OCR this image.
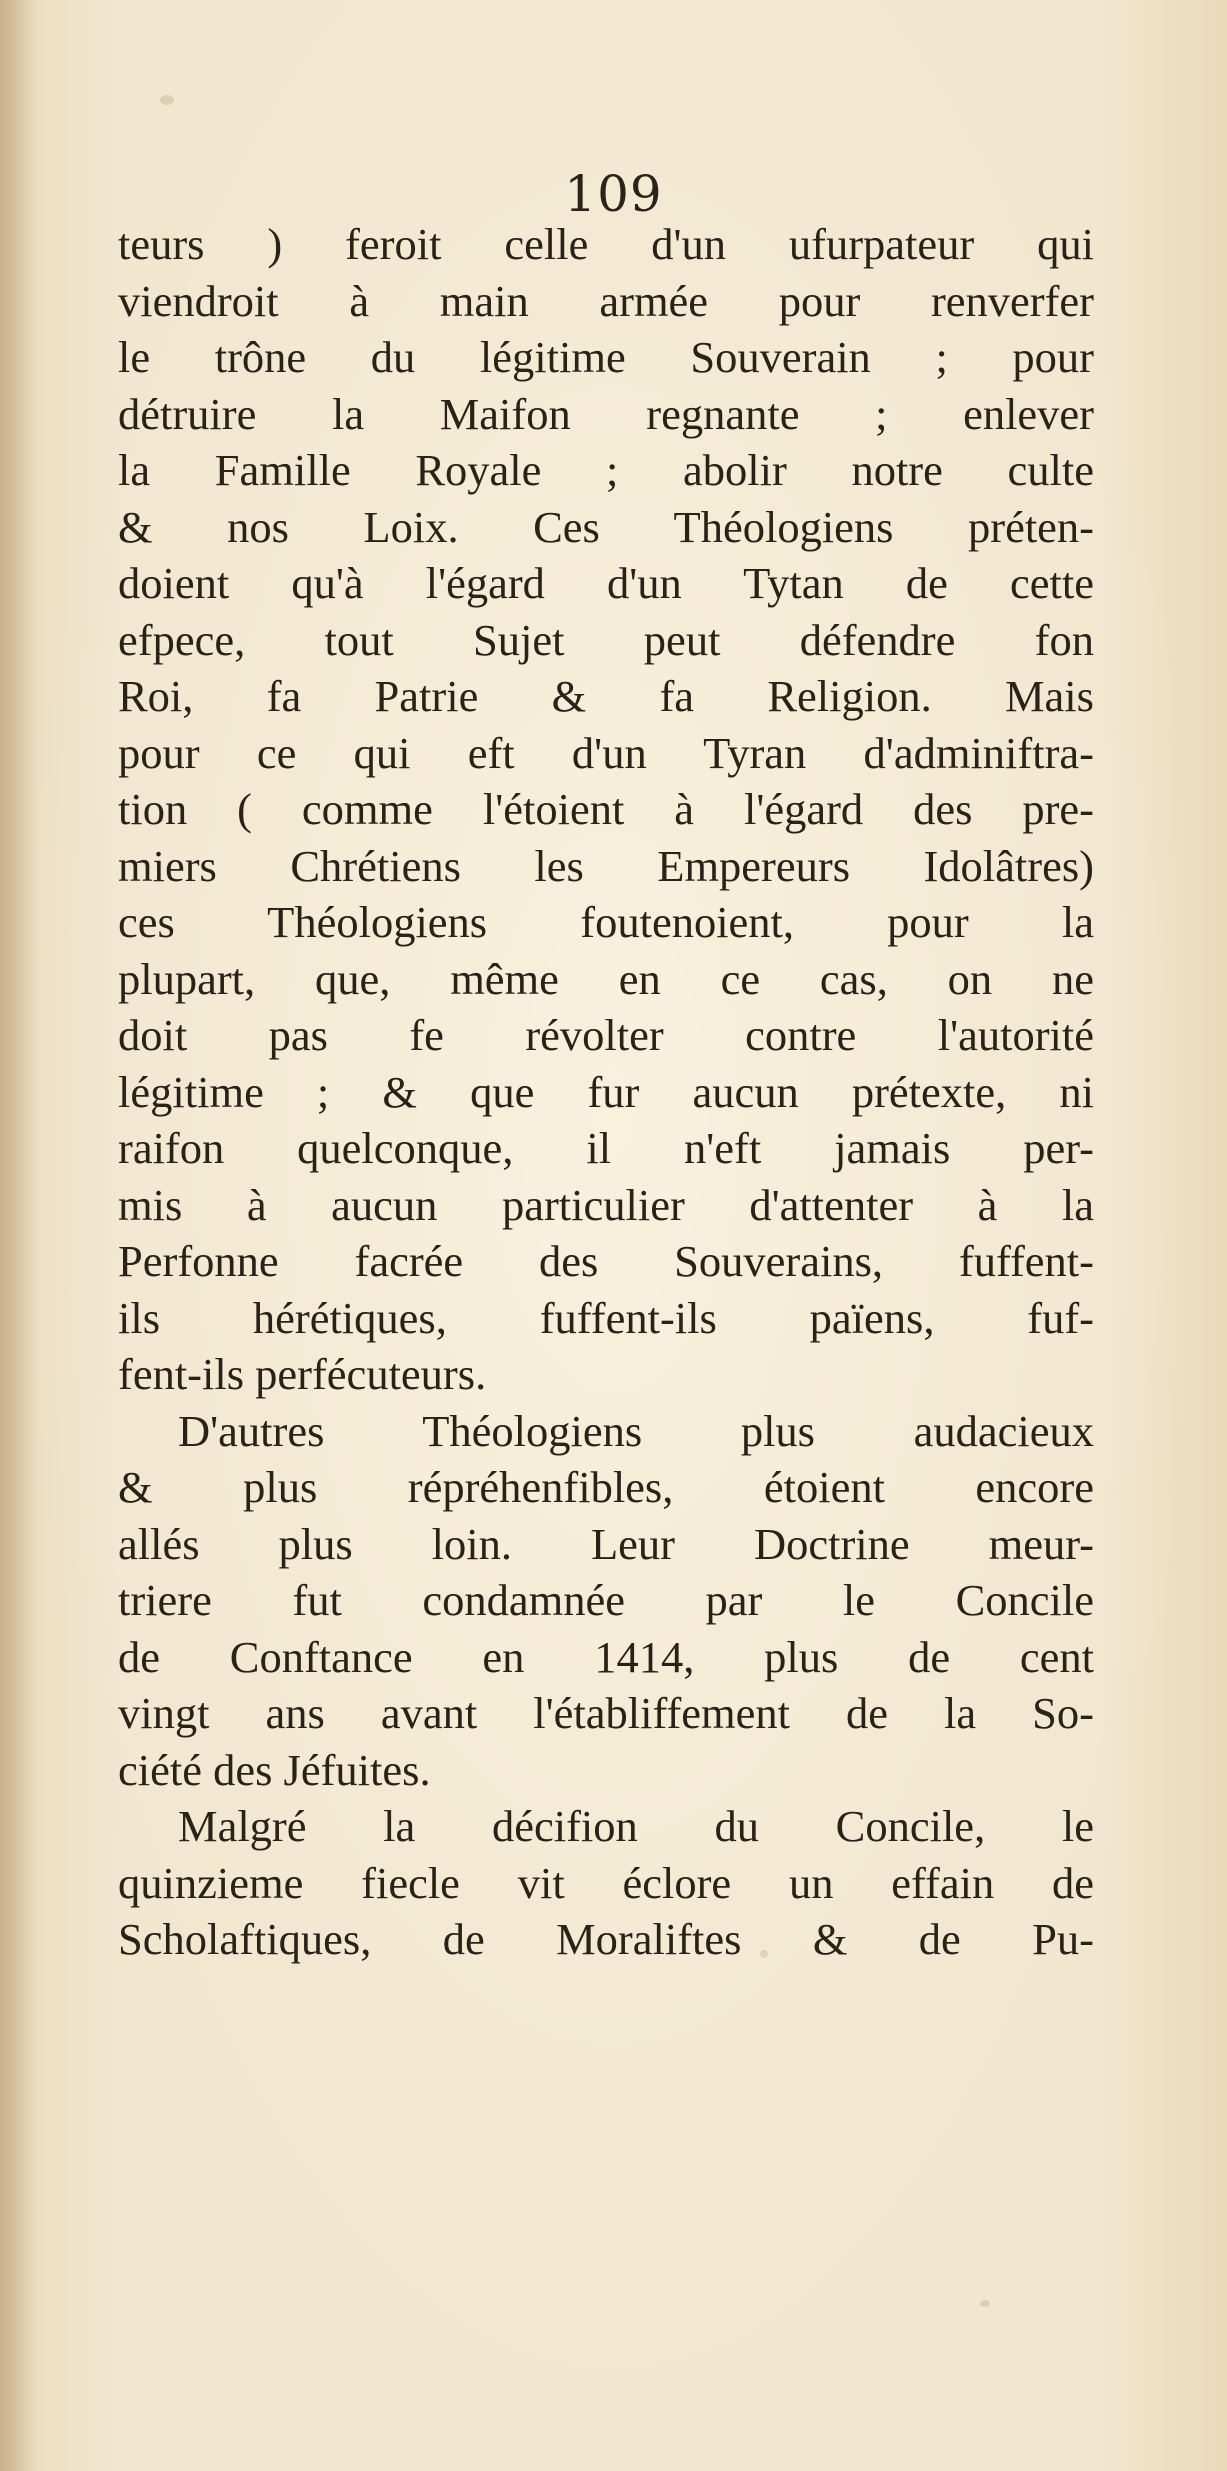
109
teurs ) feroit celle d'un ufurpateur qui
viendroit à main armée pour renverfer
le trône du légitime Souverain ; pour
détruire la Maifon regnante ; enlever
la Famille Royale ; abolir notre culte
& nos Loix. Ces Théologiens préten-
doient qu'à l'égard d'un Tytan de cette
efpece, tout Sujet peut défendre fon
Roi, fa Patrie & fa Religion. Mais
pour ce qui eft d'un Tyran d'adminiftra-
tion ( comme l'étoient à l'égard des pre-
miers Chrétiens les Empereurs Idolâtres)
ces Théologiens foutenoient, pour la
plupart, que, même en ce cas, on ne
doit pas fe révolter contre l'autorité
légitime ; & que fur aucun prétexte, ni
raifon quelconque, il n'eft jamais per-
mis à aucun particulier d'attenter à la
Perfonne facrée des Souverains, fuffent-
ils hérétiques, fuffent-ils païens, fuf-
fent-ils perfécuteurs.
D'autres Théologiens plus audacieux
& plus répréhenfibles, étoient encore
allés plus loin. Leur Doctrine meur-
triere fut condamnée par le Concile
de Conftance en 1414, plus de cent
vingt ans avant l'établiffement de la So-
ciété des Jéfuites.
Malgré la décifion du Concile, le
quinzieme fiecle vit éclore un effain de
Scholaftiques, de Moraliftes & de Pu-
